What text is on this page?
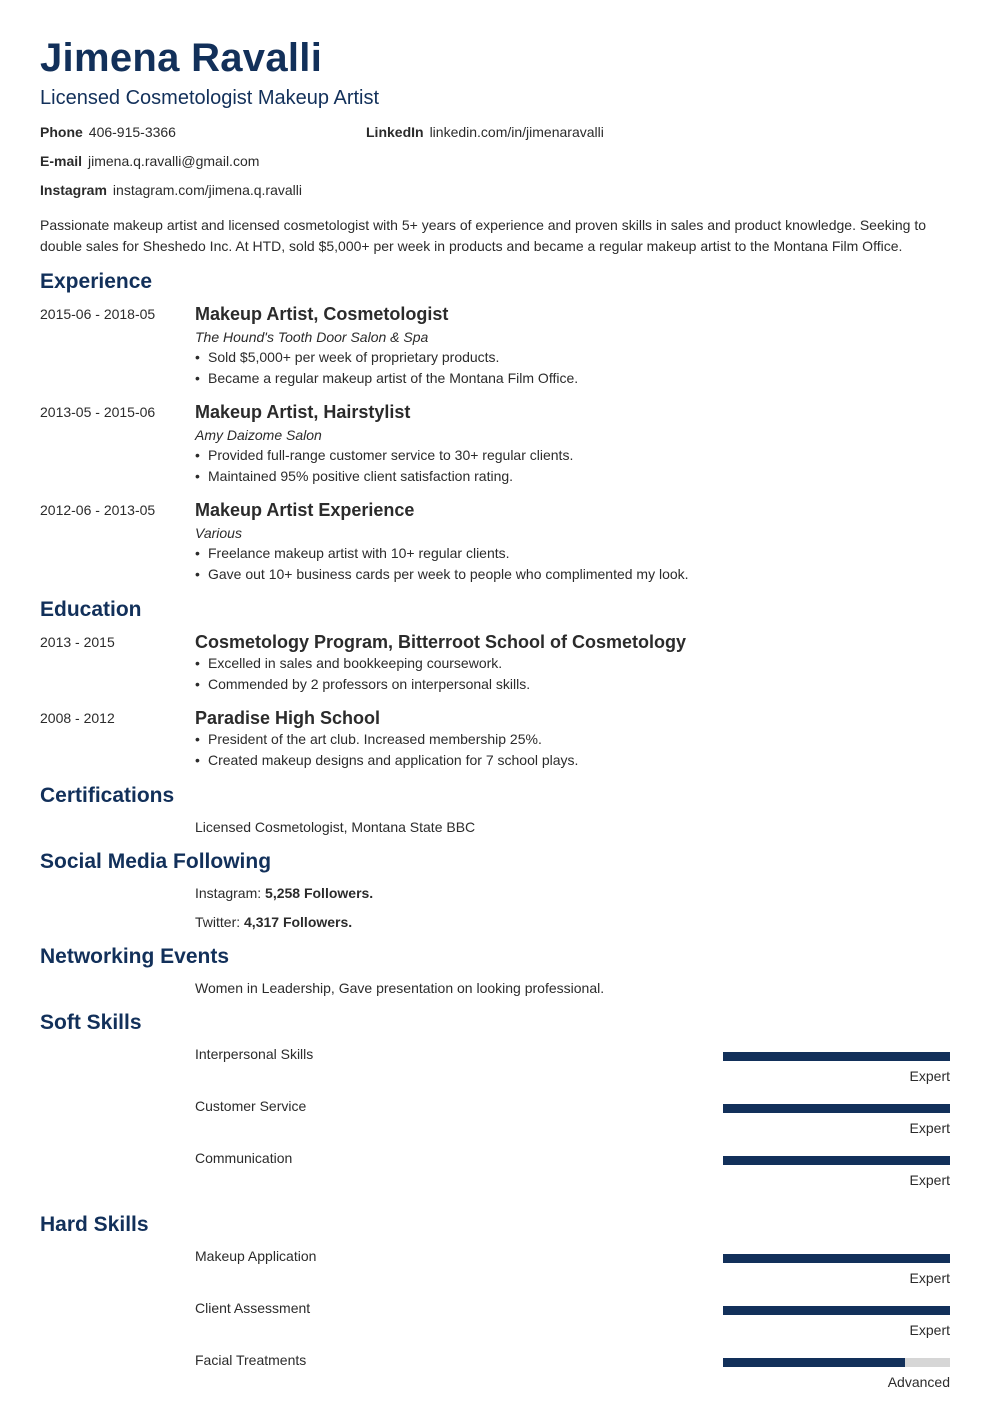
Jimena Ravalli
Licensed Cosmetologist Makeup Artist
Phone 406-915-3366	LinkedIn linkedin.com/in/jimenaravalli
E-mail jimena.q.ravalli@gmail.com
Instagram instagram.com/jimena.q.ravalli
Passionate makeup artist and licensed cosmetologist with 5+ years of experience and proven skills in sales and product knowledge. Seeking to double sales for Sheshedo Inc. At HTD, sold $5,000+ per week in products and became a regular makeup artist to the Montana Film Office.
Experience
2015-06 - 2018-05	Makeup Artist, Cosmetologist
The Hound's Tooth Door Salon & Spa
• Sold $5,000+ per week of proprietary products.
• Became a regular makeup artist of the Montana Film Office.
2013-05 - 2015-06	Makeup Artist, Hairstylist
Amy Daizome Salon
• Provided full-range customer service to 30+ regular clients.
• Maintained 95% positive client satisfaction rating.
2012-06 - 2013-05	Makeup Artist Experience
Various
• Freelance makeup artist with 10+ regular clients.
• Gave out 10+ business cards per week to people who complimented my look.
Education
2013 - 2015	Cosmetology Program, Bitterroot School of Cosmetology
• Excelled in sales and bookkeeping coursework.
• Commended by 2 professors on interpersonal skills.
2008 - 2012	Paradise High School
• President of the art club. Increased membership 25%.
• Created makeup designs and application for 7 school plays.
Certifications
Licensed Cosmetologist, Montana State BBC
Social Media Following
Instagram: 5,258 Followers.
Twitter: 4,317 Followers.
Networking Events
Women in Leadership, Gave presentation on looking professional.
Soft Skills
Interpersonal Skills
Expert
Customer Service
Expert
Communication
Expert
Hard Skills
Makeup Application
Expert
Client Assessment
Expert
Facial Treatments
Advanced
